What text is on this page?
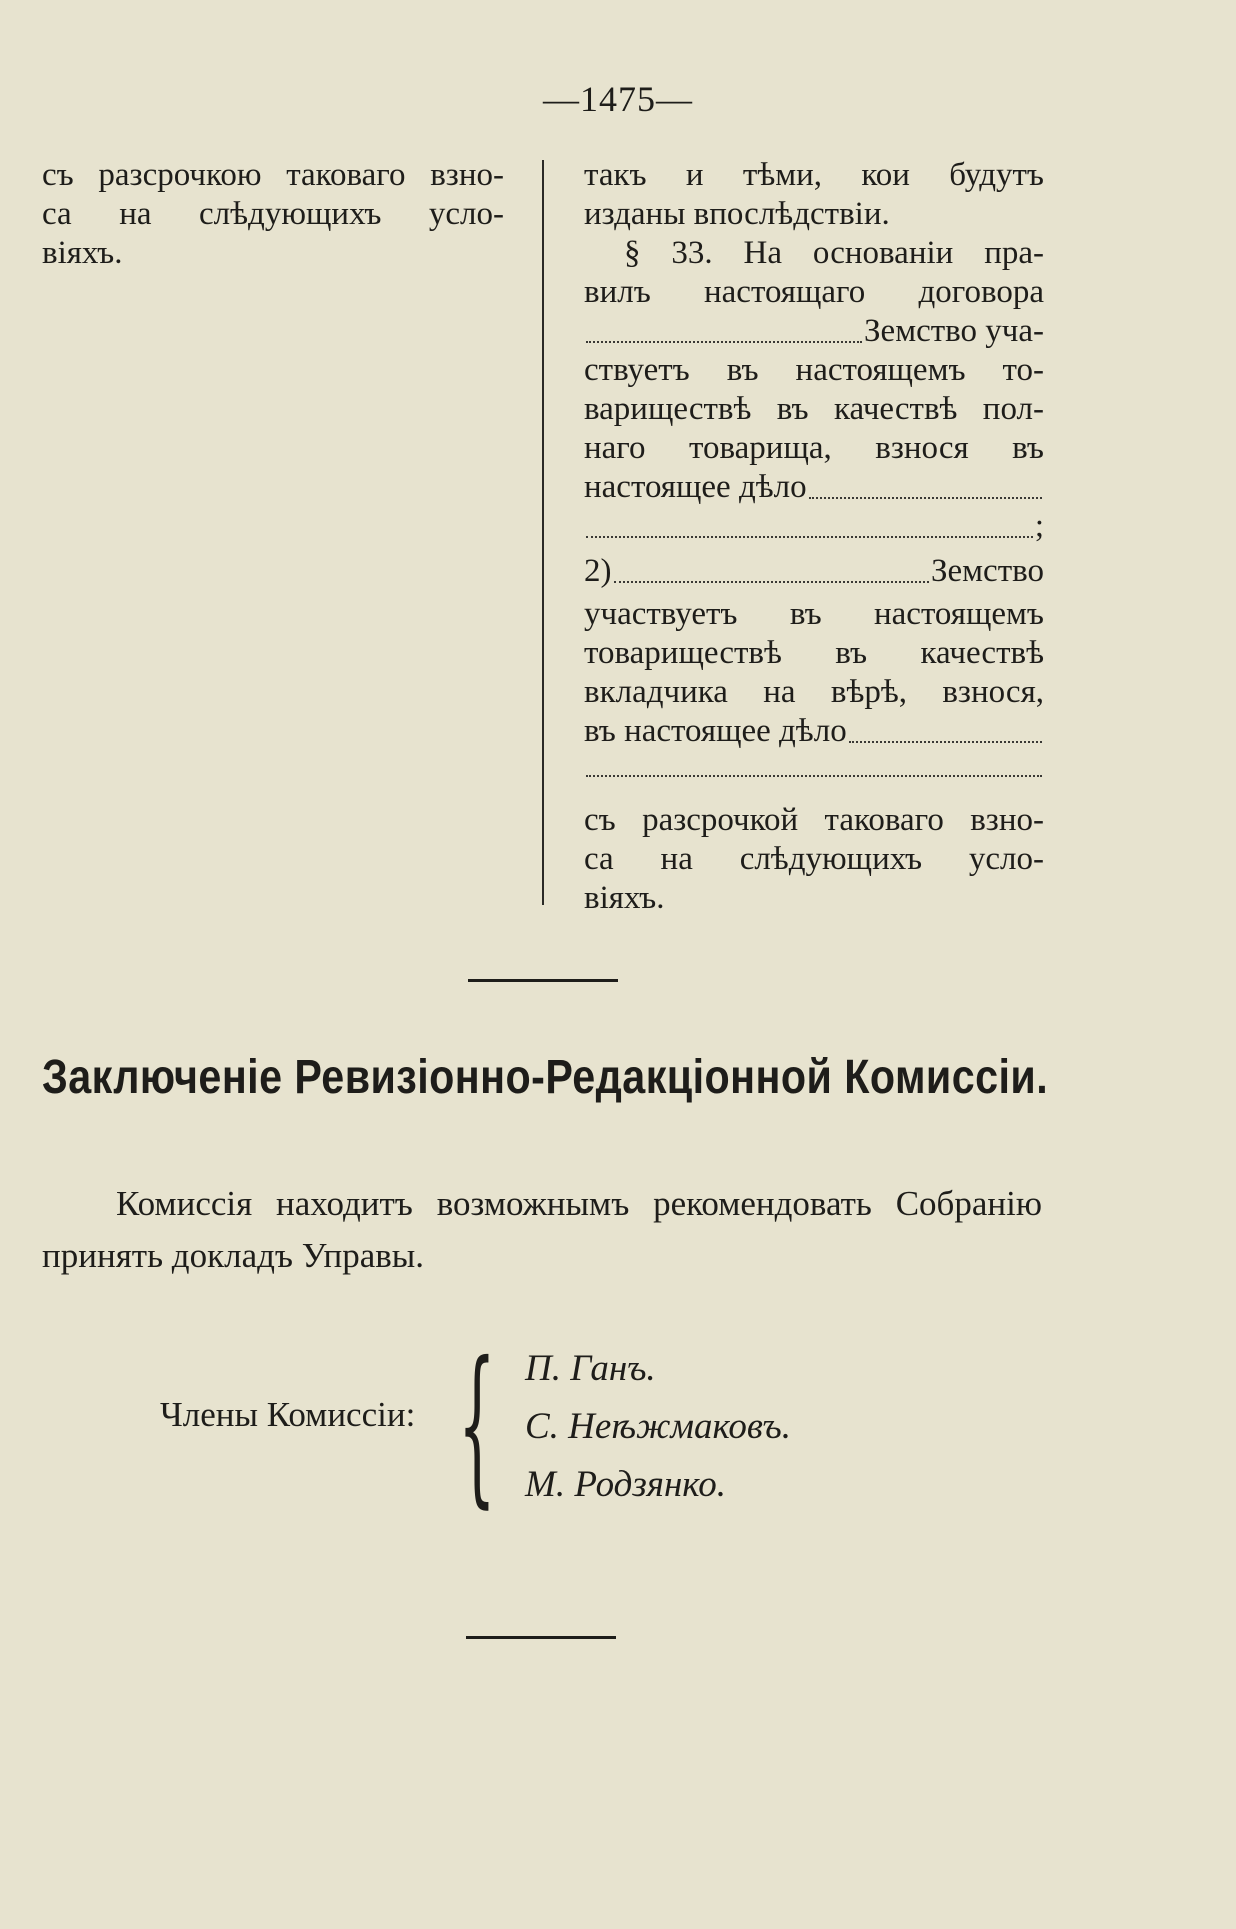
—1475—
съ разсрочкою таковаго взно-
са на слѣдующихъ усло-
віяхъ.
такъ и тѣми, кои будутъ
изданы впослѣдствіи.
§ 33. На основаніи пра-
вилъ настоящаго договора
Земство уча-
ствуетъ въ настоящемъ то-
вариществѣ въ качествѣ пол-
наго товарища, взнося въ
настоящее дѣло
;
2)	Земство
участвуетъ въ настоящемъ
товариществѣ въ качествѣ
вкладчика на вѣрѣ, взнося,
въ настоящее дѣло
съ разсрочкой таковаго взно-
са на слѣдующихъ усло-
віяхъ.
Заключеніе Ревизіонно-Редакціонной Комиссіи.
Комиссія находитъ возможнымъ рекомендовать Собранію
принять докладъ Управы.
Члены Комиссіи: { П. Ганъ.
С. Неѣжмаковъ.
М. Родзянко.
